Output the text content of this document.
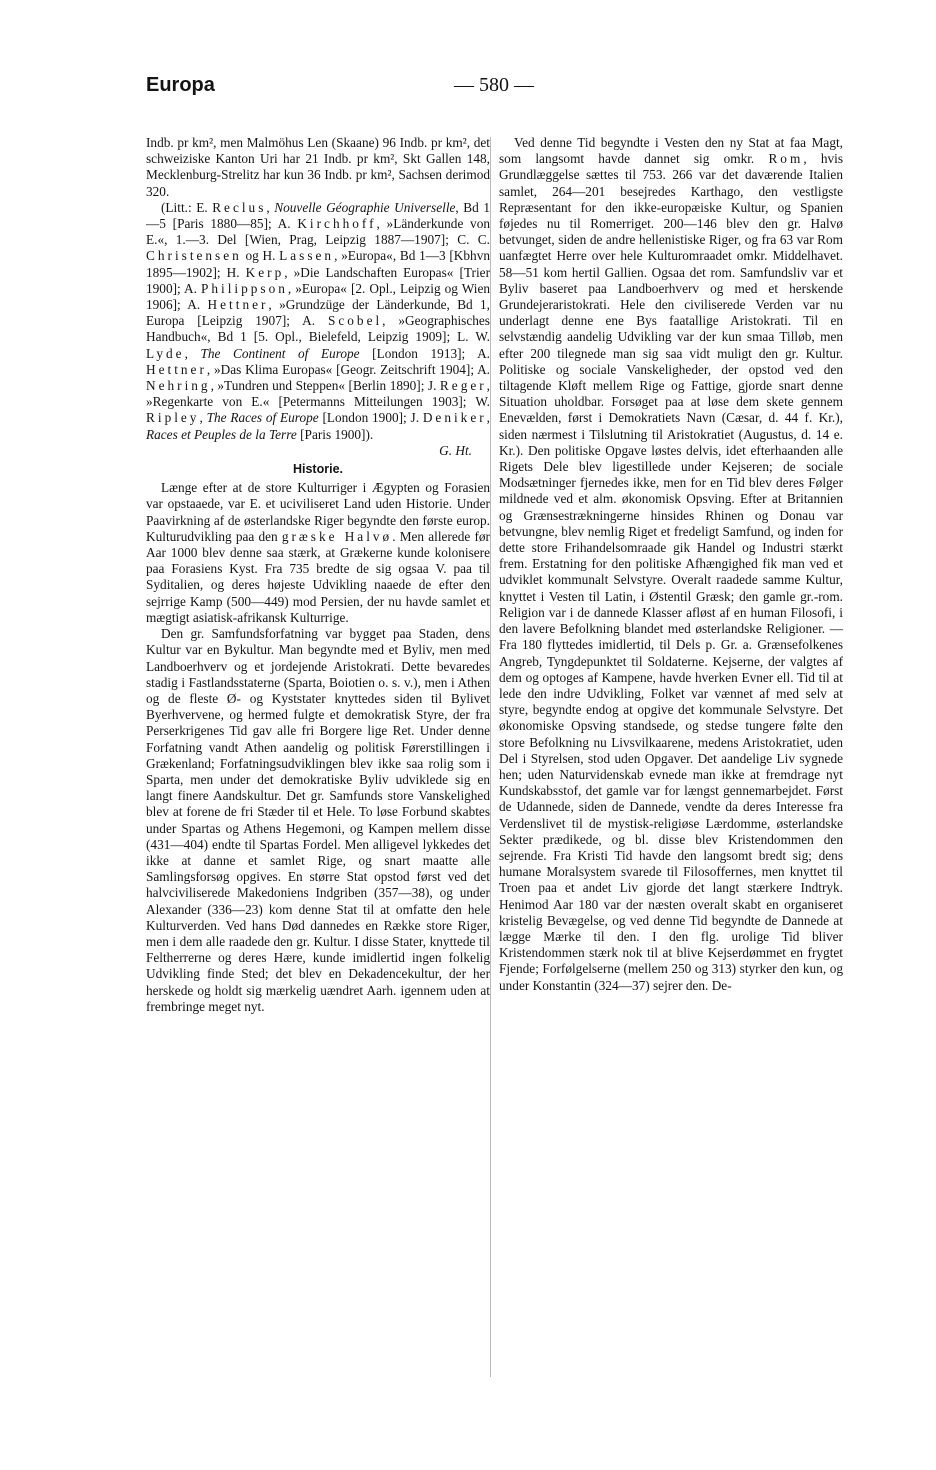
Europa	— 580 —

Indb. pr km², men Malmöhus Len (Skaane) 96 Indb. pr km², det schweiziske Kanton Uri har 21 Indb. pr km², Skt Gallen 148, Mecklenburg-Strelitz har kun 36 Indb. pr km², Sachsen derimod 320.

(Litt.: E. Reclus, Nouvelle Géographie Universelle, Bd 1—5 [Paris 1880—85]; A. Kirchhoff, »Länderkunde von E.«, 1.—3. Del [Wien, Prag, Leipzig 1887—1907]; C. C. Christensen og H. Lassen, »Europa«, Bd 1—3 [Kbhvn 1895—1902]; H. Kerp, »Die Landschaften Europas« [Trier 1900]; A. Philippson, »Europa« [2. Opl., Leipzig og Wien 1906]; A. Hettner, »Grundzüge der Länderkunde, Bd 1, Europa [Leipzig 1907]; A. Scobel, »Geographisches Handbuch«, Bd 1 [5. Opl., Bielefeld, Leipzig 1909]; L. W. Lyde, The Continent of Europe [London 1913]; A. Hettner, »Das Klima Europas« [Geogr. Zeitschrift 1904]; A. Nehring, »Tundren und Steppen« [Berlin 1890]; J. Reger, »Regenkarte von E.« [Petermanns Mitteilungen 1903]; W. Ripley, The Races of Europe [London 1900]; J. Deniker, Races et Peuples de la Terre [Paris 1900]).

G. Ht.

Historie.

Længe efter at de store Kulturriger i Ægypten og Forasien var opstaaede, var E. et uciviliseret Land uden Historie. Under Paavirkning af de østerlandske Riger begyndte den første europ. Kulturudvikling paa den græske Halvø. Men allerede før Aar 1000 blev denne saa stærk, at Grækerne kunde kolonisere paa Forasiens Kyst. Fra 735 bredte de sig ogsaa V. paa til Syditalien, og deres højeste Udvikling naaede de efter den sejrrige Kamp (500—449) mod Persien, der nu havde samlet et mægtigt asiatisk-afrikansk Kulturrige.

Den gr. Samfundsforfatning var bygget paa Staden, dens Kultur var en Bykultur. Man begyndte med et Byliv, men med Landboerhverv og et jordejende Aristokrati. Dette bevaredes stadig i Fastlandsstaterne (Sparta, Boiotien o. s. v.), men i Athen og de fleste Ø- og Kyststater knyttedes siden til Bylivet Byerhvervene, og hermed fulgte et demokratisk Styre, der fra Perserkrigenes Tid gav alle fri Borgere lige Ret. Under denne Forfatning vandt Athen aandelig og politisk Førerstillingen i Grækenland; Forfatningsudviklingen blev ikke saa rolig som i Sparta, men under det demokratiske Byliv udviklede sig en langt finere Aandskultur. Det gr. Samfunds store Vanskelighed blev at forene de fri Stæder til et Hele. To løse Forbund skabtes under Spartas og Athens Hegemoni, og Kampen mellem disse (431—404) endte til Spartas Fordel. Men alligevel lykkedes det ikke at danne et samlet Rige, og snart maatte alle Samlingsforsøg opgives. En større Stat opstod først ved det halvciviliserede Makedoniens Indgriben (357—38), og under Alexander (336—23) kom denne Stat til at omfatte den hele Kulturverden. Ved hans Død dannedes en Række store Riger, men i dem alle raadede den gr. Kultur. I disse Stater, knyttede til Feltherrerne og deres Hære, kunde imidlertid ingen folkelig Udvikling finde Sted; det blev en Dekadencekultur, der her herskede og holdt sig mærkelig uændret Aarh. igennem uden at frembringe meget nyt.

Ved denne Tid begyndte i Vesten den ny Stat at faa Magt, som langsomt havde dannet sig omkr. Rom, hvis Grundlæggelse sættes til 753. 266 var det daværende Italien samlet, 264—201 besejredes Karthago, den vestligste Repræsentant for den ikke-europæiske Kultur, og Spanien føjedes nu til Romerriget. 200—146 blev den gr. Halvø betvunget, siden de andre hellenistiske Riger, og fra 63 var Rom uanfægtet Herre over hele Kulturomraadet omkr. Middelhavet. 58—51 kom hertil Gallien. Ogsaa det rom. Samfundsliv var et Byliv baseret paa Landboerhverv og med et herskende Grundejeraristokrati. Hele den civiliserede Verden var nu underlagt denne ene Bys faatallige Aristokrati. Til en selvstændig aandelig Udvikling var der kun smaa Tilløb, men efter 200 tilegnede man sig saa vidt muligt den gr. Kultur. Politiske og sociale Vanskeligheder, der opstod ved den tiltagende Kløft mellem Rige og Fattige, gjorde snart denne Situation uholdbar. Forsøget paa at løse dem skete gennem Enevælden, først i Demokratiets Navn (Cæsar, d. 44 f. Kr.), siden nærmest i Tilslutning til Aristokratiet (Augustus, d. 14 e. Kr.). Den politiske Opgave løstes delvis, idet efterhaanden alle Rigets Dele blev ligestillede under Kejseren; de sociale Modsætninger fjernedes ikke, men for en Tid blev deres Følger mildnede ved et alm. økonomisk Opsving. Efter at Britannien og Grænsestrækningerne hinsides Rhinen og Donau var betvungne, blev nemlig Riget et fredeligt Samfund, og inden for dette store Frihandelsomraade gik Handel og Industri stærkt frem. Erstatning for den politiske Afhængighed fik man ved et udviklet kommunalt Selvstyre. Overalt raadede samme Kultur, knyttet i Vesten til Latin, i Østentil Græsk; den gamle gr.-rom. Religion var i de dannede Klasser afløst af en human Filosofi, i den lavere Befolkning blandet med østerlandske Religioner. — Fra 180 flyttedes imidlertid, til Dels p. Gr. a. Grænsefolkenes Angreb, Tyngdepunktet til Soldaterne. Kejserne, der valgtes af dem og optoges af Kampene, havde hverken Evner ell. Tid til at lede den indre Udvikling, Folket var vænnet af med selv at styre, begyndte endog at opgive det kommunale Selvstyre. Det økonomiske Opsving standsede, og stedse tungere følte den store Befolkning nu Livsvilkaarene, medens Aristokratiet, uden Del i Styrelsen, stod uden Opgaver. Det aandelige Liv sygnede hen; uden Naturvidenskab evnede man ikke at fremdrage nyt Kundskabsstof, det gamle var for længst gennemarbejdet. Først de Udannede, siden de Dannede, vendte da deres Interesse fra Verdenslivet til de mystisk-religiøse Lærdomme, østerlandske Sekter prædikede, og bl. disse blev Kristendommen den sejrende. Fra Kristi Tid havde den langsomt bredt sig; dens humane Moralsystem svarede til Filosoffernes, men knyttet til Troen paa et andet Liv gjorde det langt stærkere Indtryk. Henimod Aar 180 var der næsten overalt skabt en organiseret kristelig Bevægelse, og ved denne Tid begyndte de Dannede at lægge Mærke til den. I den flg. urolige Tid bliver Kristendommen stærk nok til at blive Kejserdømmet en frygtet Fjende; Forfølgelserne (mellem 250 og 313) styrker den kun, og under Konstantin (324—37) sejrer den. De-
